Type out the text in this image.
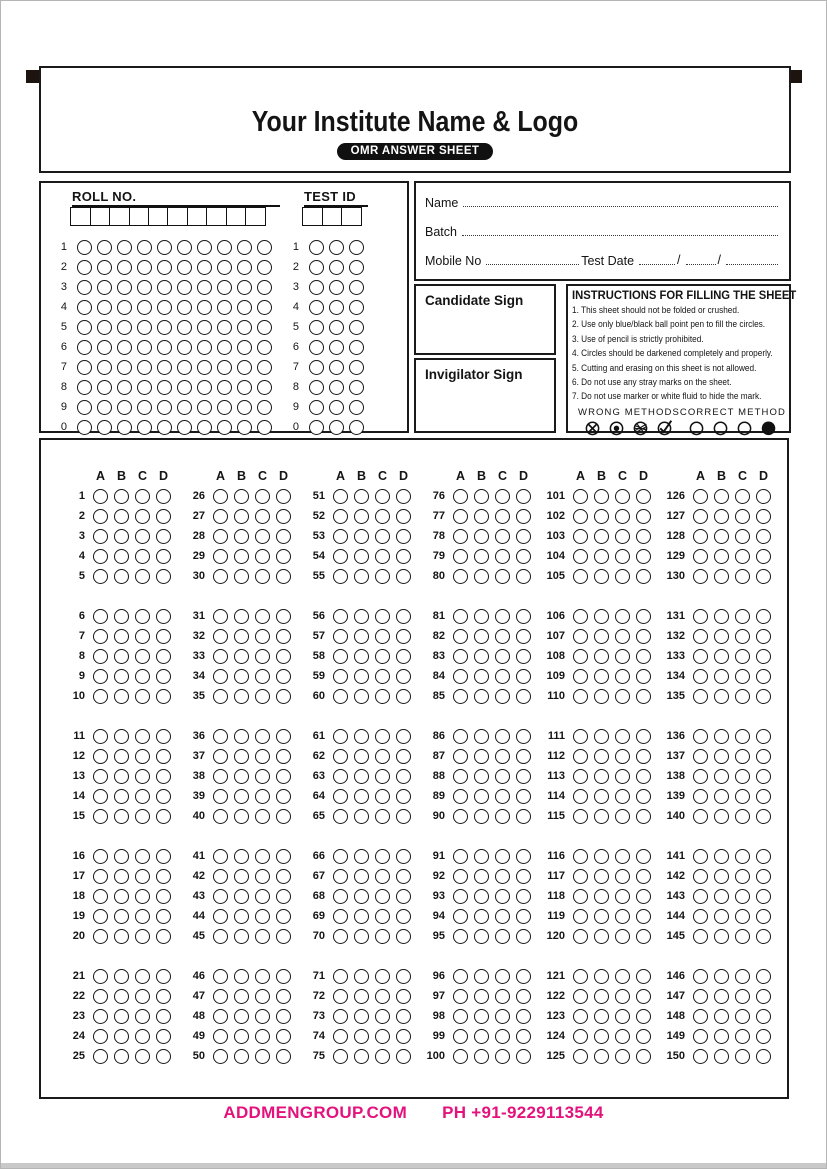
Your Institute Name & Logo
OMR ANSWER SHEET
ROLL NO.
1
2
3
4
5
6
7
8
9
0
TEST ID
1
2
3
4
5
6
7
8
9
0
Name
Batch
Mobile No	Test Date	/	/
Candidate Sign
Invigilator Sign
INSTRUCTIONS FOR FILLING THE SHEET
1. This sheet should not be folded or crushed.
2. Use only blue/black ball point pen to fill the circles.
3. Use of pencil is strictly prohibited.
4. Circles should be darkened completely and properly.
5. Cutting and erasing on this sheet is not allowed.
6. Do not use any stray marks on the sheet.
7. Do not use marker or white fluid to hide the mark.
WRONG METHODS CORRECT METHOD
A B C D
1
2
3
4
5
6
7
8
9
10
11
12
13
14
15
16
17
18
19
20
21
22
23
24
25
A B C D
26
27
28
29
30
31
32
33
34
35
36
37
38
39
40
41
42
43
44
45
46
47
48
49
50
A B C D
51
52
53
54
55
56
57
58
59
60
61
62
63
64
65
66
67
68
69
70
71
72
73
74
75
A B C D
76
77
78
79
80
81
82
83
84
85
86
87
88
89
90
91
92
93
94
95
96
97
98
99
100
A B C D
101
102
103
104
105
106
107
108
109
110
111
112
113
114
115
116
117
118
119
120
121
122
123
124
125
A B C D
126
127
128
129
130
131
132
133
134
135
136
137
138
139
140
141
142
143
144
145
146
147
148
149
150
ADDMENGROUP.COM PH +91-9229113544
